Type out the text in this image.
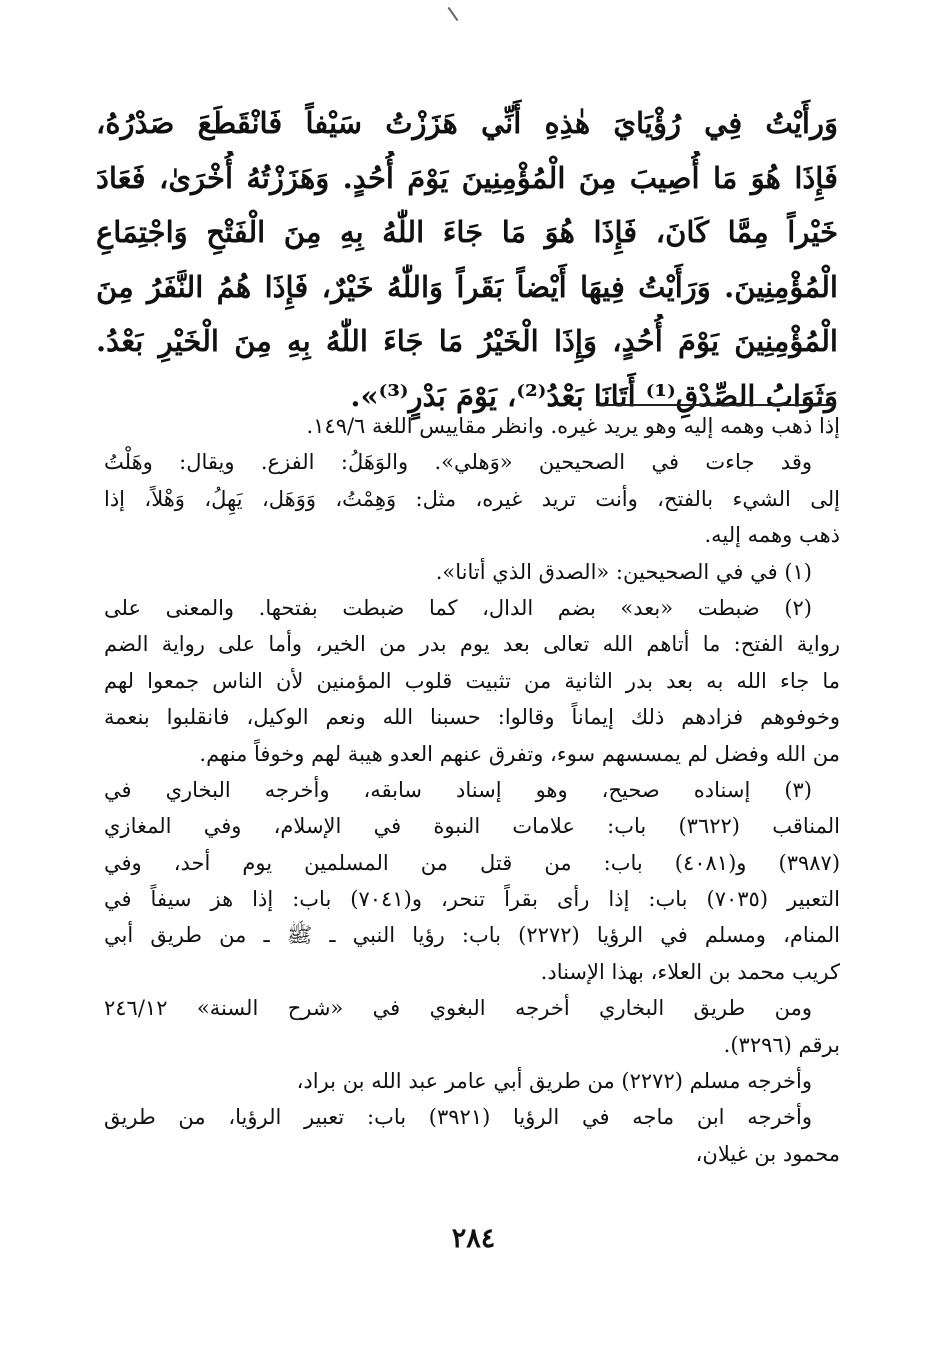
وَرأَيْتُ فِي رُؤْيَايَ هٰذِهِ أَنِّي هَزَزْتُ سَيْفاً فَانْقَطَعَ صَدْرُهُ،
فَإِذَا هُوَ مَا أُصِيبَ مِنَ الْمُؤْمِنِينَ يَوْمَ أُحُدٍ. وَهَزَزْتُهُ أُخْرَىٰ، فَعَادَ
خَيْراً مِمَّا كَانَ، فَإِذَا هُوَ مَا جَاءَ اللّٰهُ بِهِ مِنَ الْفَتْحِ وَاجْتِمَاعِ
الْمُؤْمِنِينَ. وَرَأَيْتُ فِيهَا أَيْضاً بَقَراً وَاللّٰهُ خَيْرٌ، فَإِذَا هُمُ النَّفَرُ مِنَ
الْمُؤْمِنِينَ يَوْمَ أُحُدٍ، وَإِذَا الْخَيْرُ مَا جَاءَ اللّٰهُ بِهِ مِنَ الْخَيْرِ بَعْدُ.
وَثَوَابُ الصِّدْقِ⁽¹⁾ أَتَانَا بَعْدُ⁽²⁾، يَوْمَ بَدْرٍ⁽³⁾».
إذا ذهب وهمه إليه وهو يريد غيره. وانظر مقاييس اللغة ١٤٩/٦.
وقد جاءت في الصحيحين «وَهلي». والوَهَلُ: الفزع. ويقال: وهَلْتُ
إلى الشيء بالفتح، وأنت تريد غيره، مثل: وَهِمْتُ، وَوَهَل، يَهِلُ، وَهْلاً، إذا
ذهب وهمه إليه.
(١) في في الصحيحين: «الصدق الذي أتانا».
(٢) ضبطت «بعد» بضم الدال، كما ضبطت بفتحها. والمعنى على
رواية الفتح: ما أتاهم الله تعالى بعد يوم بدر من الخير، وأما على رواية الضم
ما جاء الله به بعد بدر الثانية من تثبيت قلوب المؤمنين لأن الناس جمعوا لهم
وخوفوهم فزادهم ذلك إيماناً وقالوا: حسبنا الله ونعم الوكيل، فانقلبوا بنعمة
من الله وفضل لم يمسسهم سوء، وتفرق عنهم العدو هيبة لهم وخوفاً منهم.
(٣) إسناده صحيح، وهو إسناد سابقه، وأخرجه البخاري في
المناقب (٣٦٢٢) باب: علامات النبوة في الإسلام، وفي المغازي
(٣٩٨٧) و(٤٠٨١) باب: من قتل من المسلمين يوم أحد، وفي
التعبير (٧٠٣٥) باب: إذا رأى بقراً تنحر، و(٧٠٤١) باب: إذا هز سيفاً في
المنام، ومسلم في الرؤيا (٢٢٧٢) باب: رؤيا النبي ـ ﷺ ـ من طريق أبي
كريب محمد بن العلاء، بهذا الإسناد.
ومن طريق البخاري أخرجه البغوي في «شرح السنة» ٢٤٦/١٢
برقم (٣٢٩٦).
وأخرجه مسلم (٢٢٧٢) من طريق أبي عامر عبد الله بن براد،
وأخرجه ابن ماجه في الرؤيا (٣٩٢١) باب: تعبير الرؤيا، من طريق
محمود بن غيلان،
٢٨٤
